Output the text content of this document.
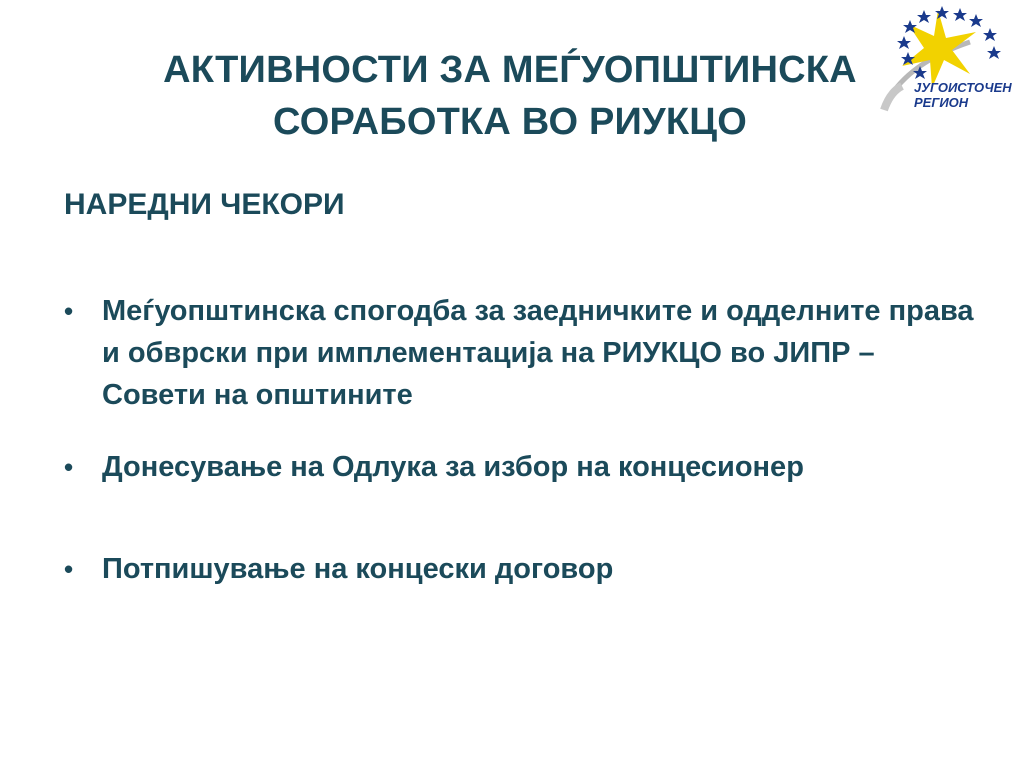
АКТИВНОСТИ ЗА МЕЃУОПШТИНСКА
СОРАБОТКА ВО РИУКЦО
ЈУГОИСТОЧЕН
РЕГИОН
НАРЕДНИ ЧЕКОРИ
• Меѓуопштинска спогодба за заедничките и одделните права и обврски при имплементација на РИУКЦО во ЈИПР – Совети на општините
• Донесување на Одлука за избор на концесионер
• Потпишување на концески договор
